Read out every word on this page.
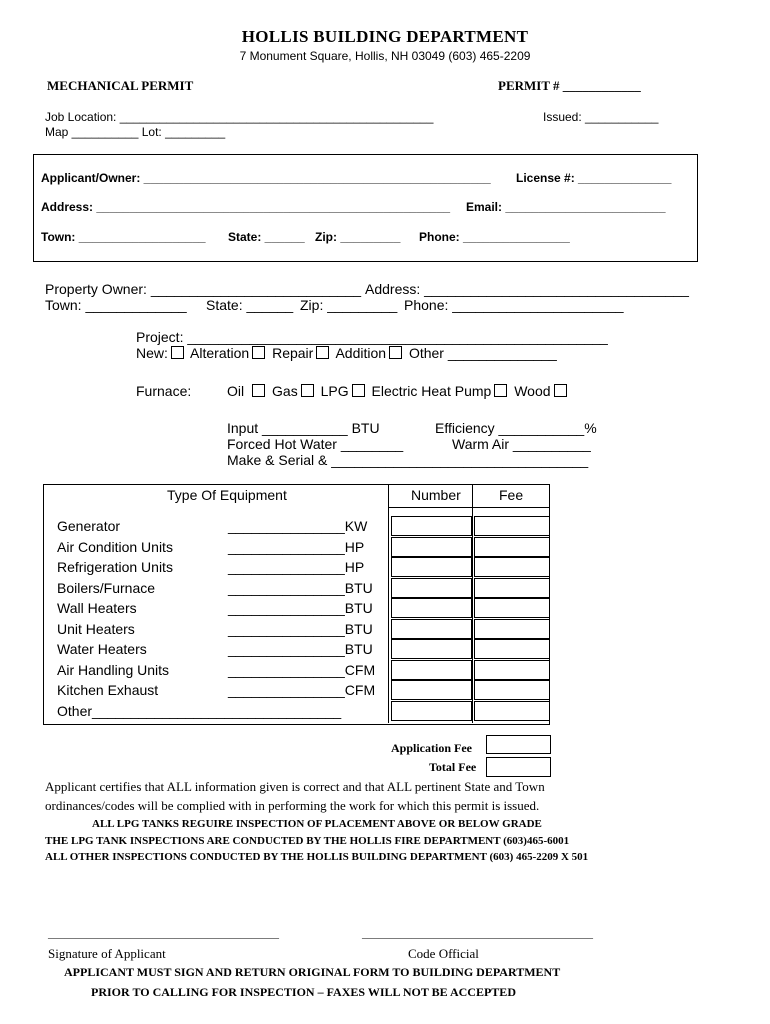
HOLLIS BUILDING DEPARTMENT
7 Monument Square, Hollis, NH 03049 (603) 465-2209
MECHANICAL PERMIT	PERMIT # ____________
Job Location: _______________________________________________	Issued: ___________
Map __________ Lot: _________
Applicant/Owner: ____________________________________________________ License #: ______________
Address: _____________________________________________________ Email: ________________________
Town: ___________________ State: ______ Zip: _________ Phone: ________________
Property Owner: ___________________________ Address: __________________________________
Town: _____________ State: ______ Zip: _________ Phone: ______________________
Project: ______________________________________________________
New: Alteration Repair Addition Other ______________
Furnace:	Oil Gas LPG Electric Heat Pump Wood
Input ___________ BTU	Efficiency ___________%
Forced Hot Water ________	Warm Air __________
Make & Serial & _________________________________
Type Of Equipment	Number	Fee
Generator	_______________KW
Air Condition Units	_______________HP
Refrigeration Units	_______________HP
Boilers/Furnace	_______________BTU
Wall Heaters	_______________BTU
Unit Heaters	_______________BTU
Water Heaters	_______________BTU
Air Handling Units	_______________CFM
Kitchen Exhaust	_______________CFM
Other________________________________
Application Fee
Total Fee
Applicant certifies that ALL information given is correct and that ALL pertinent State and Town
ordinances/codes will be complied with in performing the work for which this permit is issued.
ALL LPG TANKS REGUIRE INSPECTION OF PLACEMENT ABOVE OR BELOW GRADE
THE LPG TANK INSPECTIONS ARE CONDUCTED BY THE HOLLIS FIRE DEPARTMENT (603)465-6001
ALL OTHER INSPECTIONS CONDUCTED BY THE HOLLIS BUILDING DEPARTMENT (603) 465-2209 X 501
__________________________________________	__________________________________________
Signature of Applicant	Code Official
APPLICANT MUST SIGN AND RETURN ORIGINAL FORM TO BUILDING DEPARTMENT
PRIOR TO CALLING FOR INSPECTION – FAXES WILL NOT BE ACCEPTED
